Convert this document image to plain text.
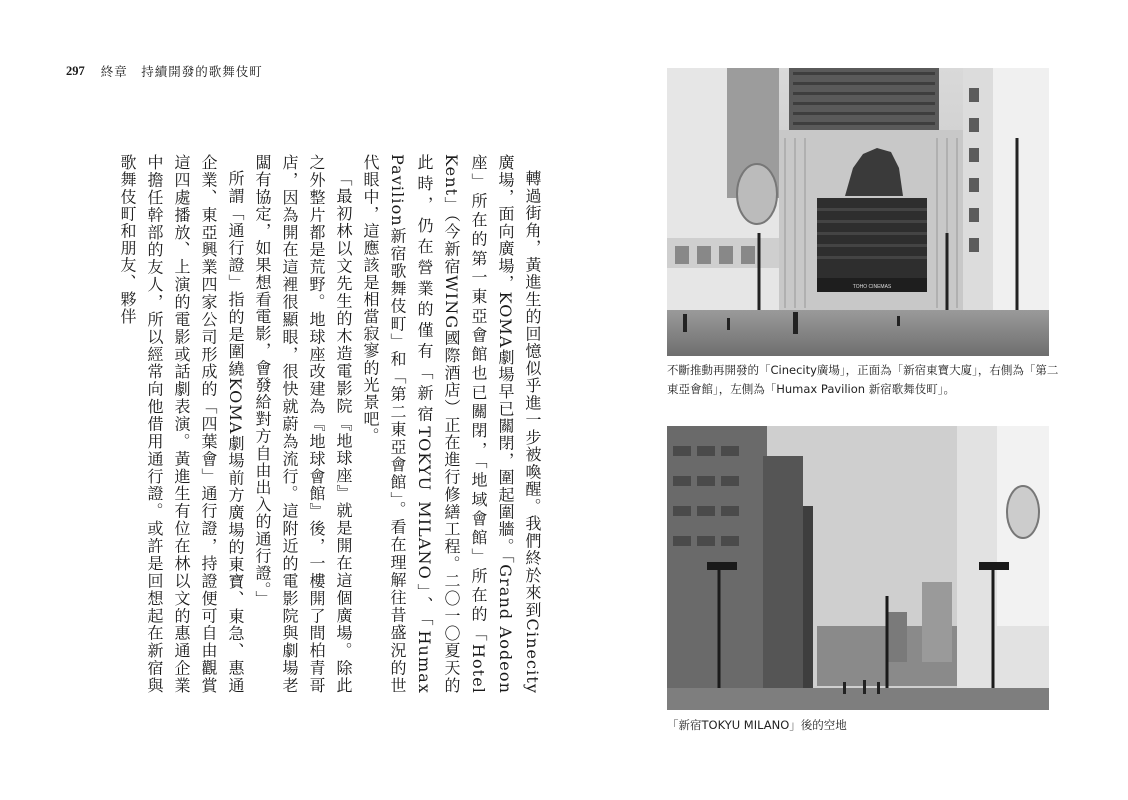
297 終章　持續開發的歌舞伎町

轉過街角，黃進生的回憶似乎進一步被喚醒。我們終於來到Cinecity廣場，面向廣場，KOMA劇場早已關閉，圍起圍牆。「Grand Aodeon座」所在的第一東亞會館也已關閉，「地域會館」所在的「Hotel Kent」（今新宿WING國際酒店）正在進行修繕工程。二〇一〇夏天的此時，仍在營業的僅有「新宿TOKYU MILANO」、「Humax Pavilion新宿歌舞伎町」和「第二東亞會館」。看在理解往昔盛況的世代眼中，這應該是相當寂寥的光景吧。

「最初林以文先生的木造電影院『地球座』就是開在這個廣場。除此之外整片都是荒野。地球座改建為『地球會館』後，一樓開了間柏青哥店，因為開在這裡很顯眼，很快就蔚為流行。這附近的電影院與劇場老闆有協定，如果想看電影，會發給對方自由出入的通行證。」

所謂「通行證」指的是圍繞KOMA劇場前方廣場的東寶、東急、惠通企業、東亞興業四家公司形成的「四葉會」通行證，持證便可自由觀賞這四處播放、上演的電影或話劇表演。黃進生有位在林以文的惠通企業中擔任幹部的友人，所以經常向他借用通行證。或許是回想起在新宿與歌舞伎町和朋友、夥伴	TOHO CINEMAS
不斷推動再開發的「Cinecity廣場」，正面為「新宿東寶大廈」，右側為「第二東亞會館」，左側為「Humax Pavilion 新宿歌舞伎町」。
「新宿TOKYU MILANO」後的空地
